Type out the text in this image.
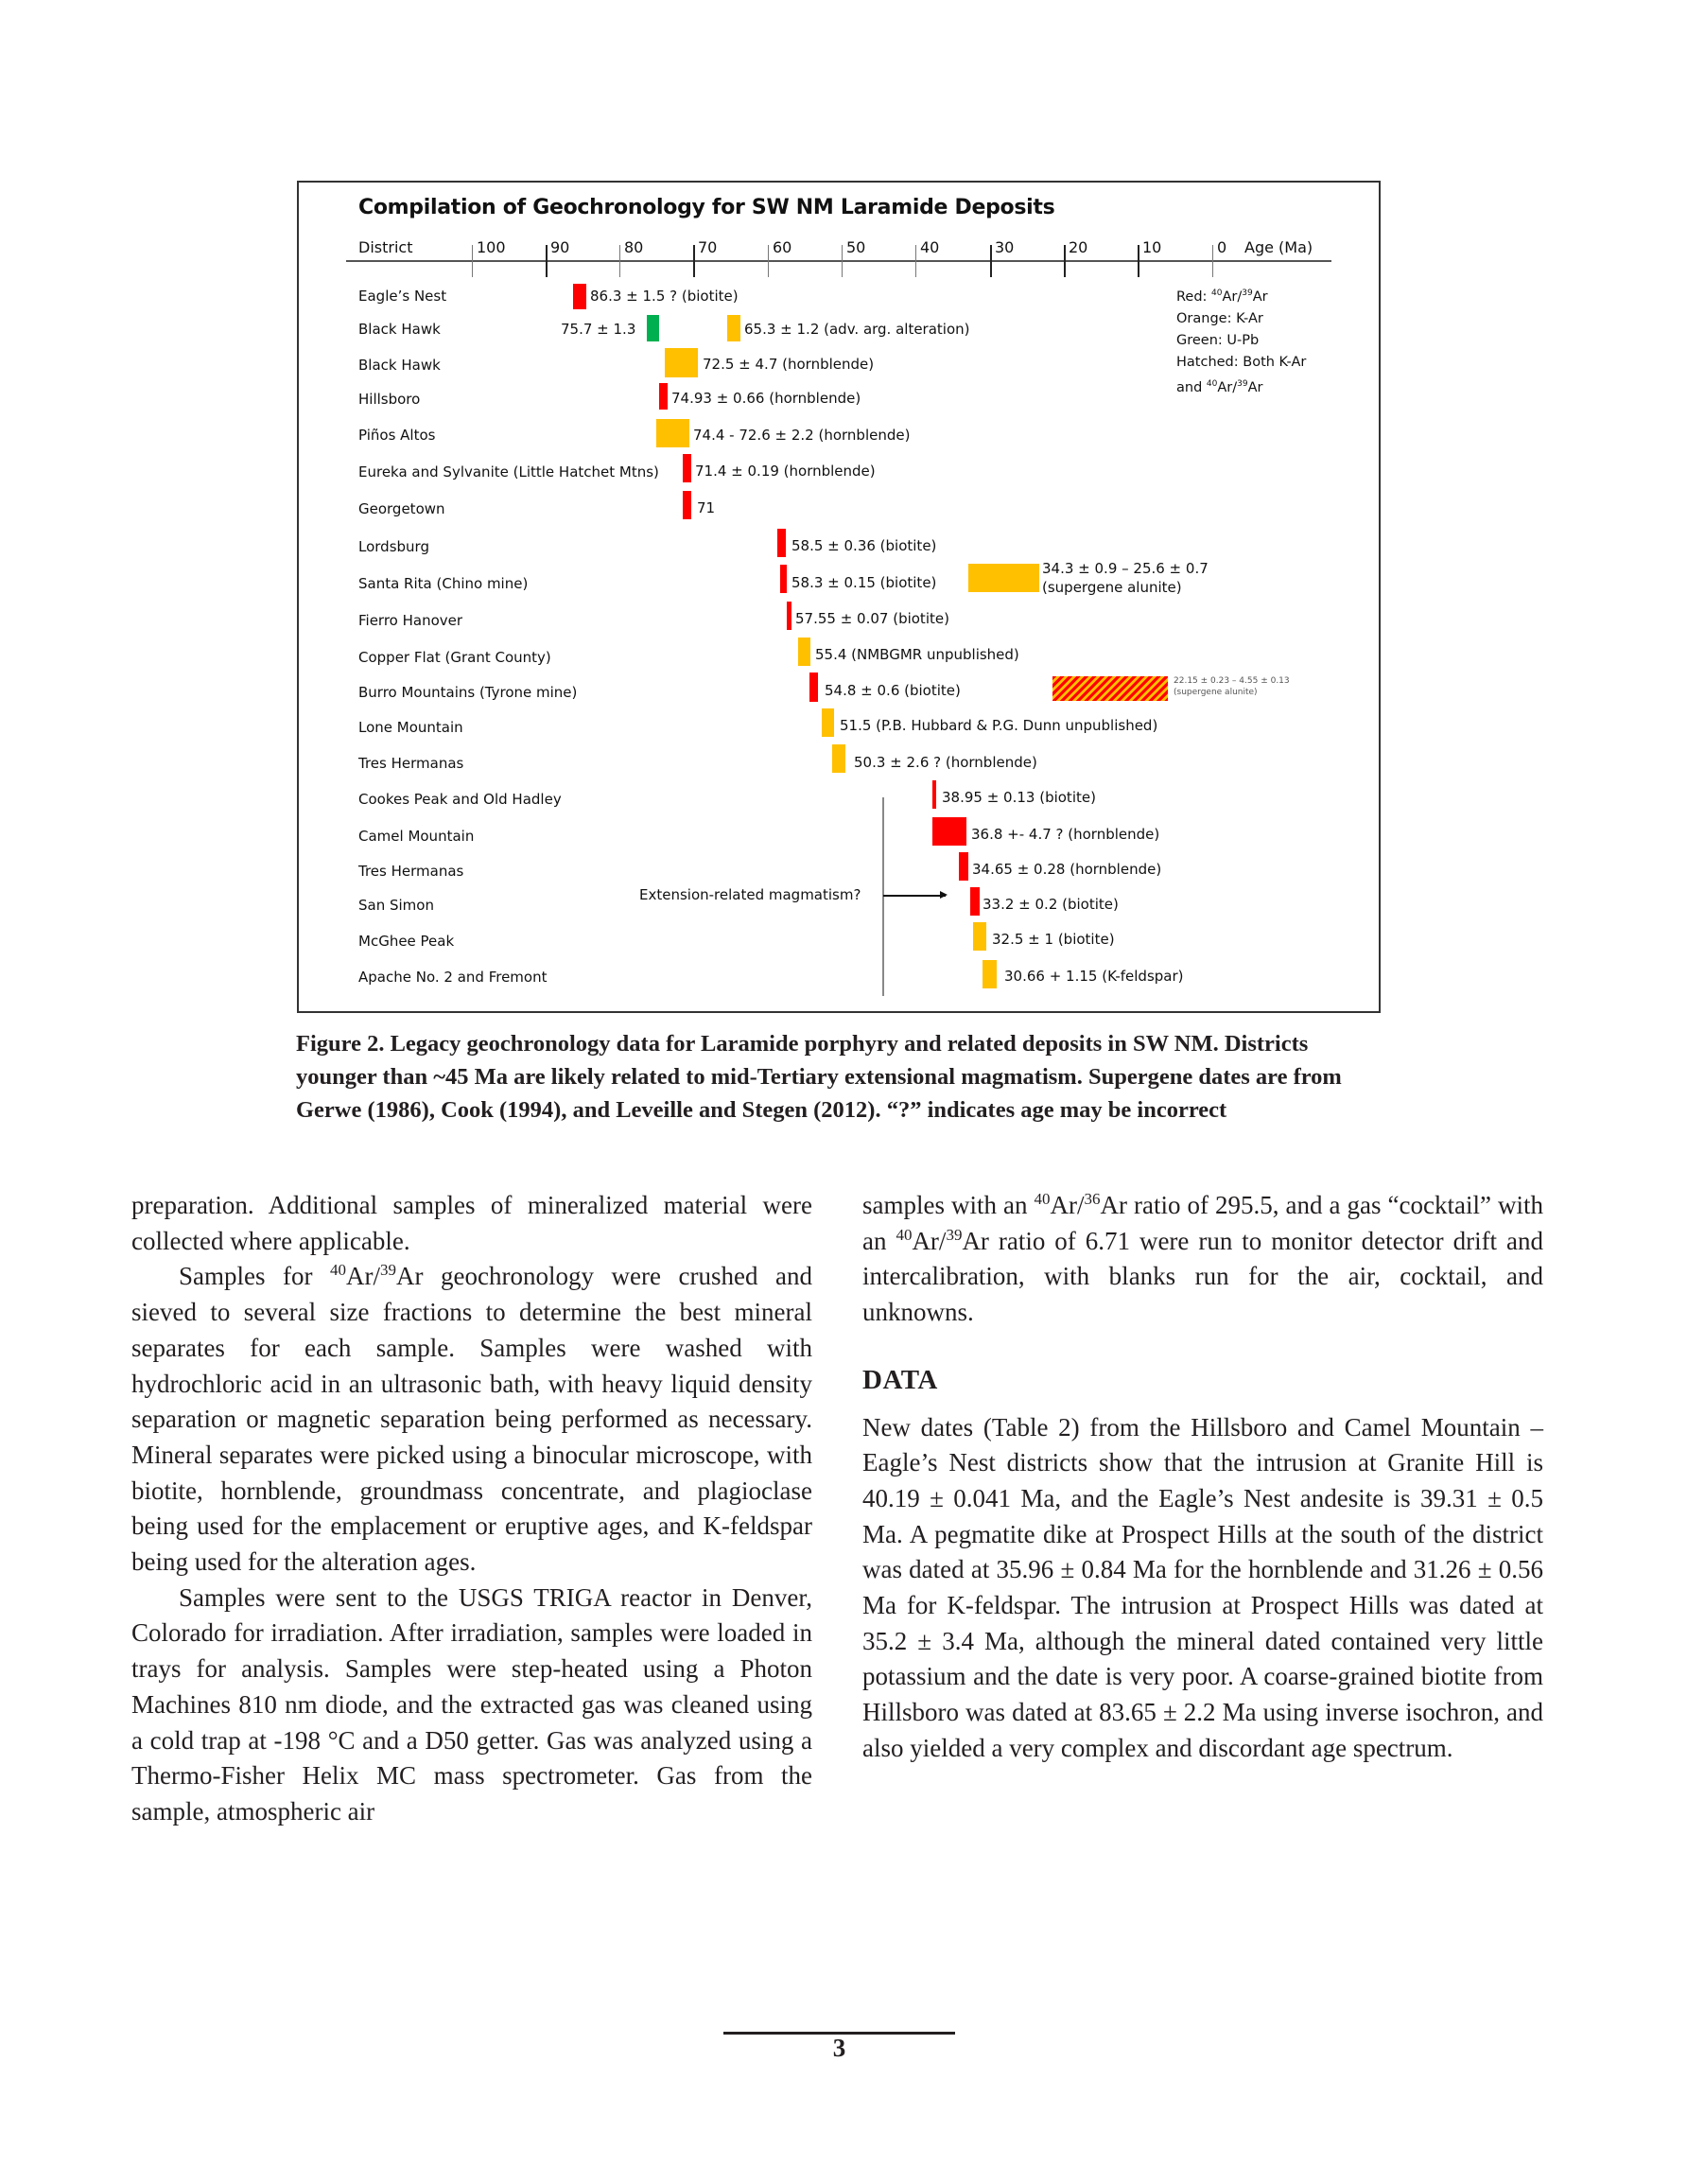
Compilation of Geochronology for SW NM Laramide Deposits
District	100	90	80	70	60	50	40	30	20	10	0 Age (Ma)
Red: $^{40}$Ar/$^{39}$Ar
Orange: K-Ar
Green: U-Pb
Hatched: Both K-Ar
and $^{40}$Ar/$^{39}$Ar
Eagle’s Nest	86.3 ± 1.5 ? (biotite)
Black Hawk	75.7 ± 1.3	65.3 ± 1.2 (adv. arg. alteration)
Black Hawk	72.5 ± 4.7 (hornblende)
Hillsboro	74.93 ± 0.66 (hornblende)
Piños Altos	74.4 - 72.6 ± 2.2 (hornblende)
Eureka and Sylvanite (Little Hatchet Mtns)	71.4 ± 0.19 (hornblende)
Georgetown	71
Lordsburg	58.5 ± 0.36 (biotite)
Santa Rita (Chino mine)	58.3 ± 0.15 (biotite)
34.3 ± 0.9 – 25.6 ± 0.7
(supergene alunite)
Fierro Hanover	57.55 ± 0.07 (biotite)
Copper Flat (Grant County)	55.4 (NMBGMR unpublished)
Burro Mountains (Tyrone mine)	54.8 ± 0.6 (biotite)
22.15 ± 0.23 – 4.55 ± 0.13
(supergene alunite)
Lone Mountain	51.5 (P.B. Hubbard & P.G. Dunn unpublished)
Tres Hermanas	50.3 ± 2.6 ? (hornblende)
Cookes Peak and Old Hadley	38.95 ± 0.13 (biotite)
Camel Mountain	36.8 +- 4.7 ? (hornblende)
Tres Hermanas	34.65 ± 0.28 (hornblende)
San Simon	33.2 ± 0.2 (biotite)
McGhee Peak	32.5 ± 1 (biotite)
Apache No. 2 and Fremont	30.66 + 1.15 (K-feldspar)
Extension-related magmatism?
Figure 2. Legacy geochronology data for Laramide porphyry and related deposits in SW NM. Districts younger than ~45 Ma are likely related to mid-Tertiary extensional magmatism. Supergene dates are from Gerwe (1986), Cook (1994), and Leveille and Stegen (2012). “?” indicates age may be incorrect

preparation. Additional samples of mineralized material were collected where applicable.

Samples for $^{40}$Ar/$^{39}$Ar geochronology were crushed and sieved to several size fractions to determine the best mineral separates for each sample. Samples were washed with hydrochloric acid in an ultrasonic bath, with heavy liquid density separation or magnetic separation being performed as necessary. Mineral separates were picked using a binocular microscope, with biotite, hornblende, groundmass concentrate, and plagioclase being used for the emplacement or eruptive ages, and K-feldspar being used for the alteration ages.

Samples were sent to the USGS TRIGA reactor in Denver, Colorado for irradiation. After irradiation, samples were loaded in trays for analysis. Samples were step-heated using a Photon Machines 810 nm diode, and the extracted gas was cleaned using a cold trap at -198 °C and a D50 getter. Gas was analyzed using a Thermo-Fisher Helix MC mass spectrometer. Gas from the sample, atmospheric air

samples with an $^{40}$Ar/$^{36}$Ar ratio of 295.5, and a gas “cocktail” with an $^{40}$Ar/$^{39}$Ar ratio of 6.71 were run to monitor detector drift and intercalibration, with blanks run for the air, cocktail, and unknowns.

DATA

New dates (Table 2) from the Hillsboro and Camel Mountain – Eagle’s Nest districts show that the intrusion at Granite Hill is 40.19 ± 0.041 Ma, and the Eagle’s Nest andesite is 39.31 ± 0.5 Ma. A pegmatite dike at Prospect Hills at the south of the district was dated at 35.96 ± 0.84 Ma for the hornblende and 31.26 ± 0.56 Ma for K-feldspar. The intrusion at Prospect Hills was dated at 35.2 ± 3.4 Ma, although the mineral dated contained very little potassium and the date is very poor. A coarse-grained biotite from Hillsboro was dated at 83.65 ± 2.2 Ma using inverse isochron, and also yielded a very complex and discordant age spectrum.

3
